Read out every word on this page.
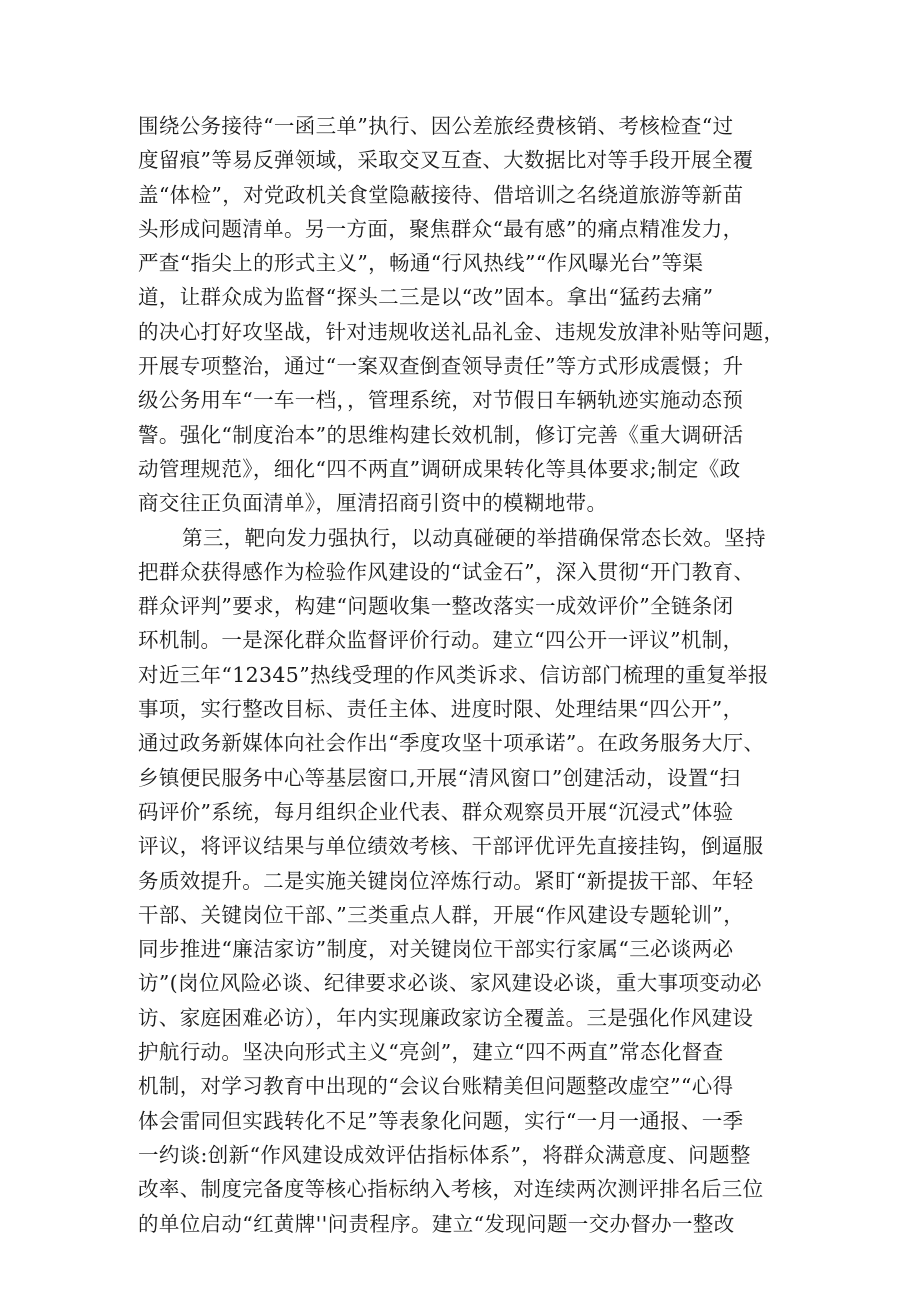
围绕公务接待“一函三单”执行、因公差旅经费核销、考核检查“过
度留痕”等易反弹领域，采取交叉互查、大数据比对等手段开展全覆
盖“体检”，对党政机关食堂隐蔽接待、借培训之名绕道旅游等新苗
头形成问题清单。另一方面，聚焦群众“最有感”的痛点精准发力，
严查“指尖上的形式主义”，畅通“行风热线”“作风曝光台”等渠
道，让群众成为监督“探头二三是以“改”固本。拿出“猛药去痛”
的决心打好攻坚战，针对违规收送礼品礼金、违规发放津补贴等问题，
开展专项整治，通过“一案双查倒查领导责任”等方式形成震慑；升
级公务用车“一车一档，，管理系统，对节假日车辆轨迹实施动态预
警。强化“制度治本”的思维构建长效机制，修订完善《重大调研活
动管理规范》，细化“四不两直”调研成果转化等具体要求;制定《政
商交往正负面清单》，厘清招商引资中的模糊地带。
第三，靶向发力强执行，以动真碰硬的举措确保常态长效。坚持
把群众获得感作为检验作风建设的“试金石”，深入贯彻“开门教育、
群众评判”要求，构建“问题收集一整改落实一成效评价”全链条闭
环机制。一是深化群众监督评价行动。建立“四公开一评议”机制，
对近三年“12345”热线受理的作风类诉求、信访部门梳理的重复举报
事项，实行整改目标、责任主体、进度时限、处理结果“四公开”，
通过政务新媒体向社会作出“季度攻坚十项承诺”。在政务服务大厅、
乡镇便民服务中心等基层窗口,开展“清风窗口”创建活动，设置“扫
码评价”系统，每月组织企业代表、群众观察员开展“沉浸式”体验
评议，将评议结果与单位绩效考核、干部评优评先直接挂钩，倒逼服
务质效提升。二是实施关键岗位淬炼行动。紧盯“新提拔干部、年轻
干部、关键岗位干部、”三类重点人群，开展“作风建设专题轮训”，
同步推进“廉洁家访”制度，对关键岗位干部实行家属“三必谈两必
访”(岗位风险必谈、纪律要求必谈、家风建设必谈，重大事项变动必
访、家庭困难必访），年内实现廉政家访全覆盖。三是强化作风建设
护航行动。坚决向形式主义“亮剑”，建立“四不两直”常态化督查
机制，对学习教育中出现的“会议台账精美但问题整改虚空”“心得
体会雷同但实践转化不足”等表象化问题，实行“一月一通报、一季
一约谈:创新“作风建设成效评估指标体系”，将群众满意度、问题整
改率、制度完备度等核心指标纳入考核，对连续两次测评排名后三位
的单位启动“红黄牌''问责程序。建立“发现问题一交办督办一整改
